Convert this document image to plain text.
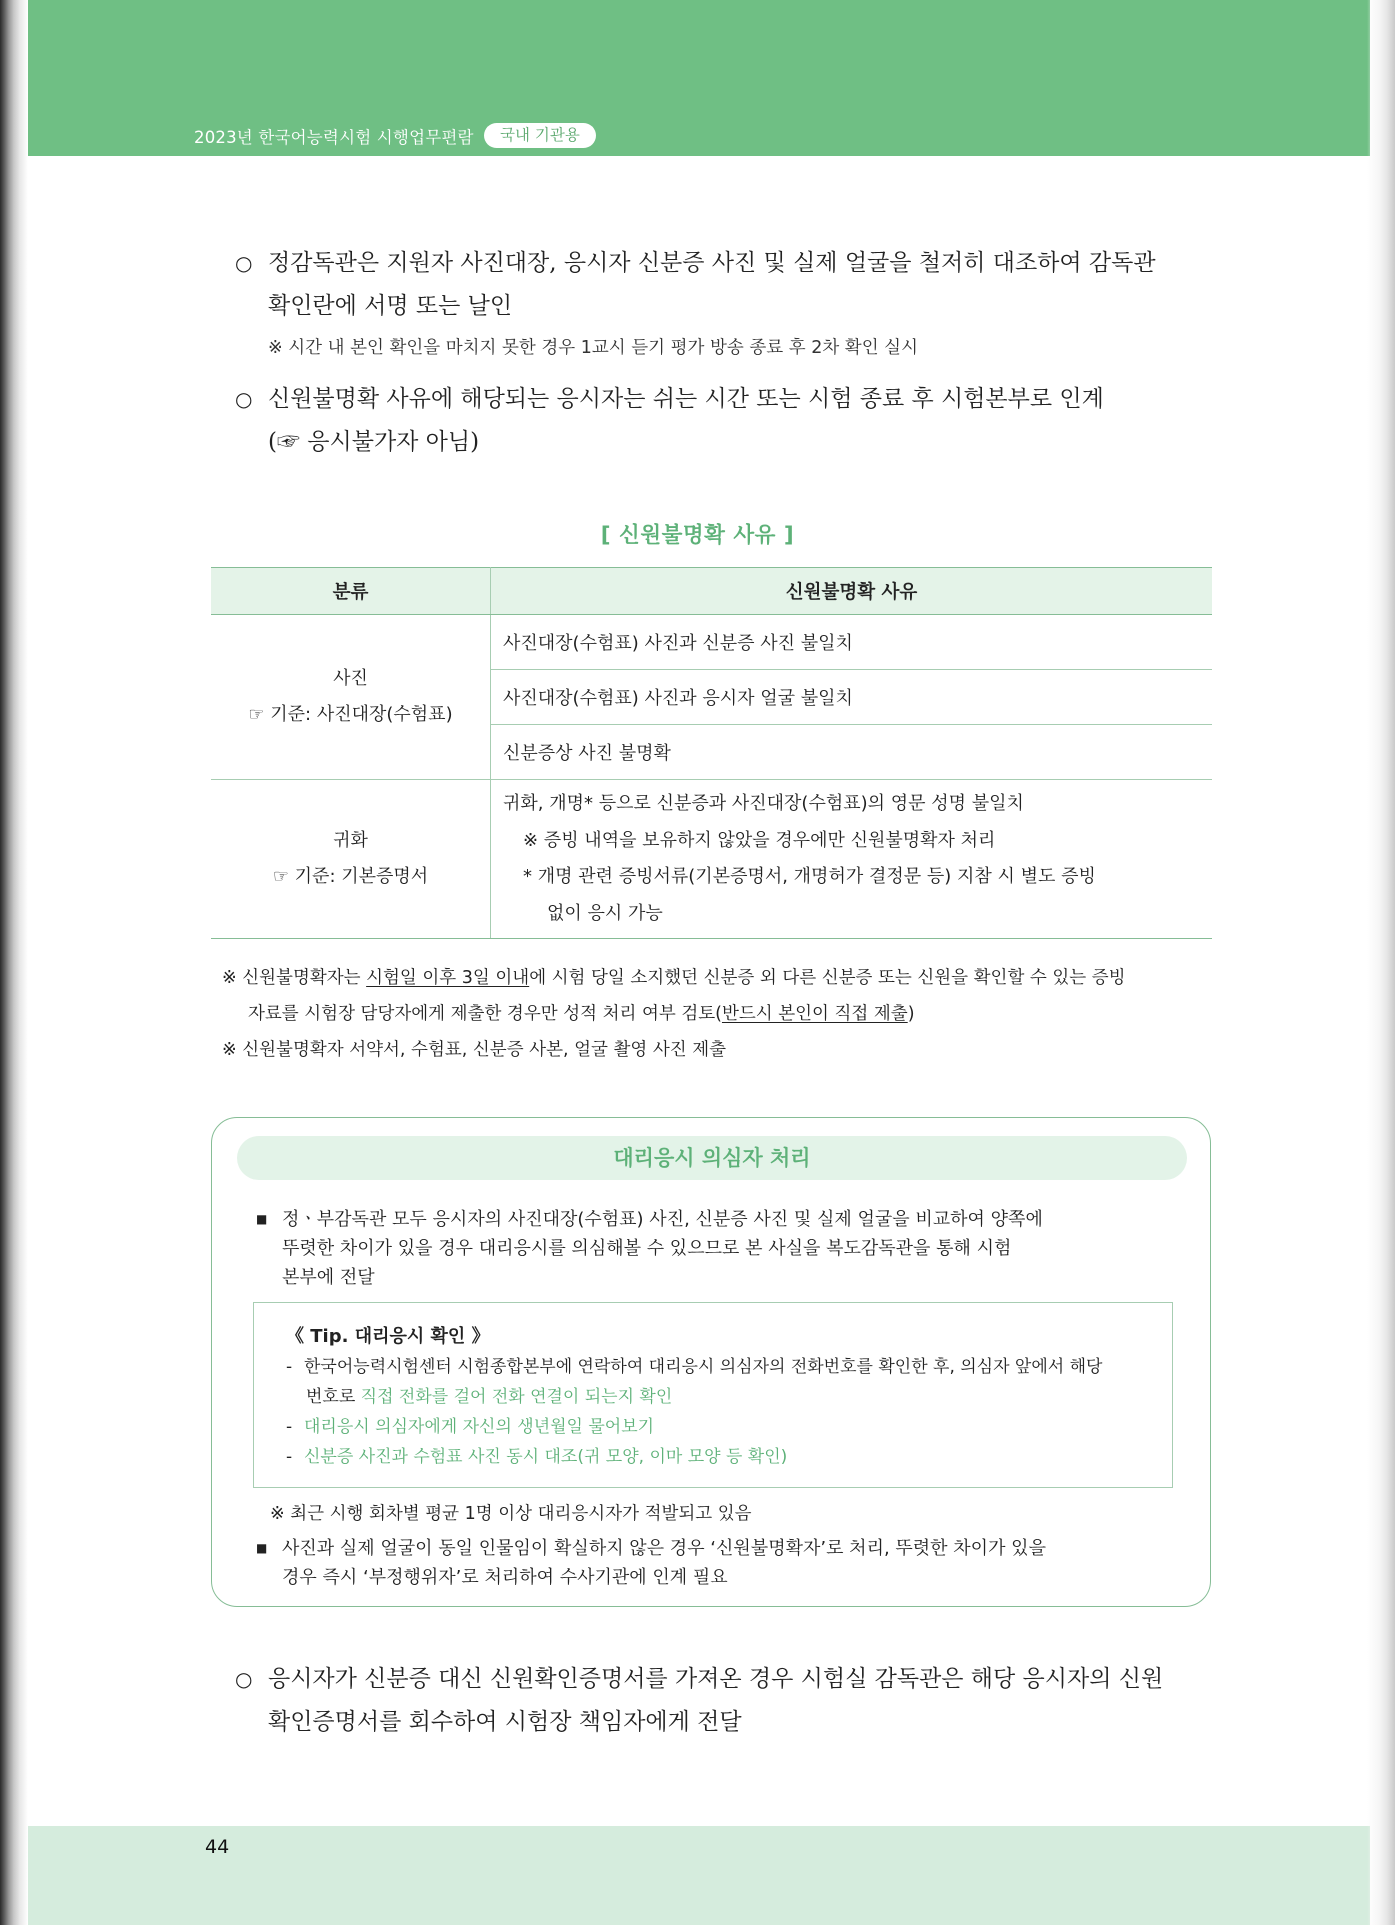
2023년 한국어능력시험 시행업무편람	국내 기관용
○ 정감독관은 지원자 사진대장, 응시자 신분증 사진 및 실제 얼굴을 철저히 대조하여 감독관
확인란에 서명 또는 날인
※ 시간 내 본인 확인을 마치지 못한 경우 1교시 듣기 평가 방송 종료 후 2차 확인 실시
○ 신원불명확 사유에 해당되는 응시자는 쉬는 시간 또는 시험 종료 후 시험본부로 인계
(☞ 응시불가자 아님)
[ 신원불명확 사유 ]
분류	신원불명확 사유

사진
☞ 기준: 사진대장(수험표)	사진대장(수험표) 사진과 신분증 사진 불일치
	사진대장(수험표) 사진과 응시자 얼굴 불일치
	신분증상 사진 불명확

귀화
☞ 기준: 기본증명서	귀화, 개명* 등으로 신분증과 사진대장(수험표)의 영문 성명 불일치
※ 증빙 내역을 보유하지 않았을 경우에만 신원불명확자 처리
* 개명 관련 증빙서류(기본증명서, 개명허가 결정문 등) 지참 시 별도 증빙
없이 응시 가능
※ 신원불명확자는 시험일 이후 3일 이내에 시험 당일 소지했던 신분증 외 다른 신분증 또는 신원을 확인할 수 있는 증빙
자료를 시험장 담당자에게 제출한 경우만 성적 처리 여부 검토(반드시 본인이 직접 제출)
※ 신원불명확자 서약서, 수험표, 신분증 사본, 얼굴 촬영 사진 제출
대리응시 의심자 처리
■ 정ㆍ부감독관 모두 응시자의 사진대장(수험표) 사진, 신분증 사진 및 실제 얼굴을 비교하여 양쪽에
뚜렷한 차이가 있을 경우 대리응시를 의심해볼 수 있으므로 본 사실을 복도감독관을 통해 시험
본부에 전달
《 Tip. 대리응시 확인 》
- 한국어능력시험센터 시험종합본부에 연락하여 대리응시 의심자의 전화번호를 확인한 후, 의심자 앞에서 해당
번호로 직접 전화를 걸어 전화 연결이 되는지 확인
- 대리응시 의심자에게 자신의 생년월일 물어보기
- 신분증 사진과 수험표 사진 동시 대조(귀 모양, 이마 모양 등 확인)
※ 최근 시행 회차별 평균 1명 이상 대리응시자가 적발되고 있음
■ 사진과 실제 얼굴이 동일 인물임이 확실하지 않은 경우 ‘신원불명확자’로 처리, 뚜렷한 차이가 있을
경우 즉시 ‘부정행위자’로 처리하여 수사기관에 인계 필요
○ 응시자가 신분증 대신 신원확인증명서를 가져온 경우 시험실 감독관은 해당 응시자의 신원
확인증명서를 회수하여 시험장 책임자에게 전달
44
